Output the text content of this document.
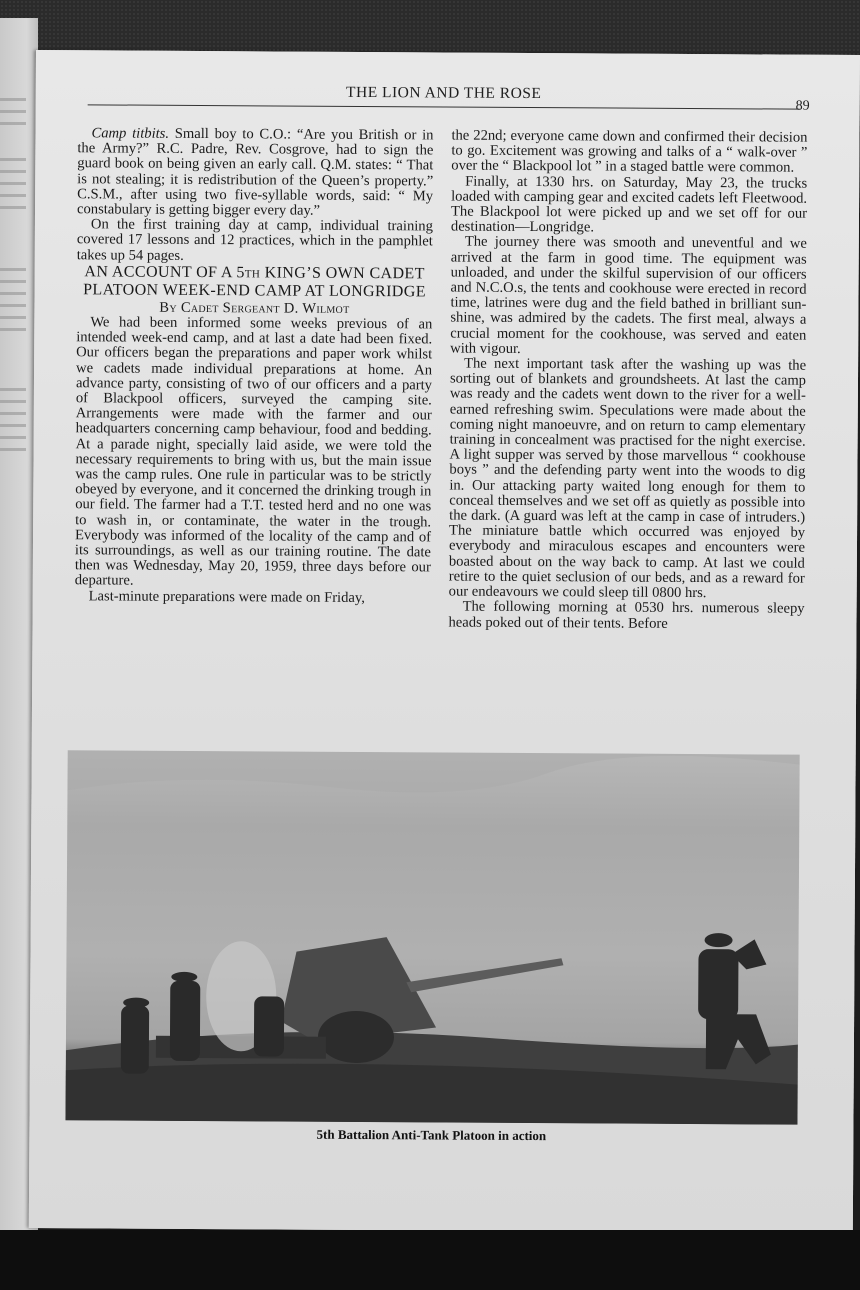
THE LION AND THE ROSE
89

Camp titbits. Small boy to C.O.: “Are you British or in the Army?” R.C. Padre, Rev. Cosgrove, had to sign the guard book on being given an early call. Q.M. states: “ That is not stealing; it is redistribution of the Queen’s property.” C.S.M., after using two five-syllable words, said: “ My constabulary is getting bigger every day.”

On the first training day at camp, individual training covered 17 lessons and 12 practices, which in the pamphlet takes up 54 pages.

AN ACCOUNT OF A 5th KING’S OWN CADET PLATOON WEEK-END CAMP AT LONGRIDGE

By Cadet Sergeant D. Wilmot

We had been informed some weeks previous of an intended week-end camp, and at last a date had been fixed. Our officers began the preparations and paper work whilst we cadets made individual preparations at home. An advance party, consisting of two of our officers and a party of Blackpool officers, surveyed the camping site. Arrangements were made with the farmer and our headquarters concerning camp behaviour, food and bedding. At a parade night, specially laid aside, we were told the necessary requirements to bring with us, but the main issue was the camp rules. One rule in particular was to be strictly obeyed by everyone, and it concerned the drinking trough in our field. The farmer had a T.T. tested herd and no one was to wash in, or contaminate, the water in the trough. Everybody was informed of the locality of the camp and of its surroundings, as well as our training routine. The date then was Wednesday, May 20, 1959, three days before our departure.

Last-minute preparations were made on Friday,

the 22nd; everyone came down and confirmed their decision to go. Excitement was growing and talks of a “ walk-over ” over the “ Blackpool lot ” in a staged battle were common.

Finally, at 1330 hrs. on Saturday, May 23, the trucks loaded with camping gear and excited cadets left Fleetwood. The Blackpool lot were picked up and we set off for our destination—Longridge.

The journey there was smooth and uneventful and we arrived at the farm in good time. The equipment was unloaded, and under the skilful supervision of our officers and N.C.O.s, the tents and cookhouse were erected in record time, latrines were dug and the field bathed in brilliant sunshine, was admired by the cadets. The first meal, always a crucial moment for the cookhouse, was served and eaten with vigour.

The next important task after the washing up was the sorting out of blankets and groundsheets. At last the camp was ready and the cadets went down to the river for a well-earned refreshing swim. Speculations were made about the coming night manoeuvre, and on return to camp elementary training in concealment was practised for the night exercise. A light supper was served by those marvellous “ cookhouse boys ” and the defending party went into the woods to dig in. Our attacking party waited long enough for them to conceal themselves and we set off as quietly as possible into the dark. (A guard was left at the camp in case of intruders.) The miniature battle which occurred was enjoyed by everybody and miraculous escapes and encounters were boasted about on the way back to camp. At last we could retire to the quiet seclusion of our beds, and as a reward for our endeavours we could sleep till 0800 hrs.

The following morning at 0530 hrs. numerous sleepy heads poked out of their tents. Before

5th Battalion Anti-Tank Platoon in action
